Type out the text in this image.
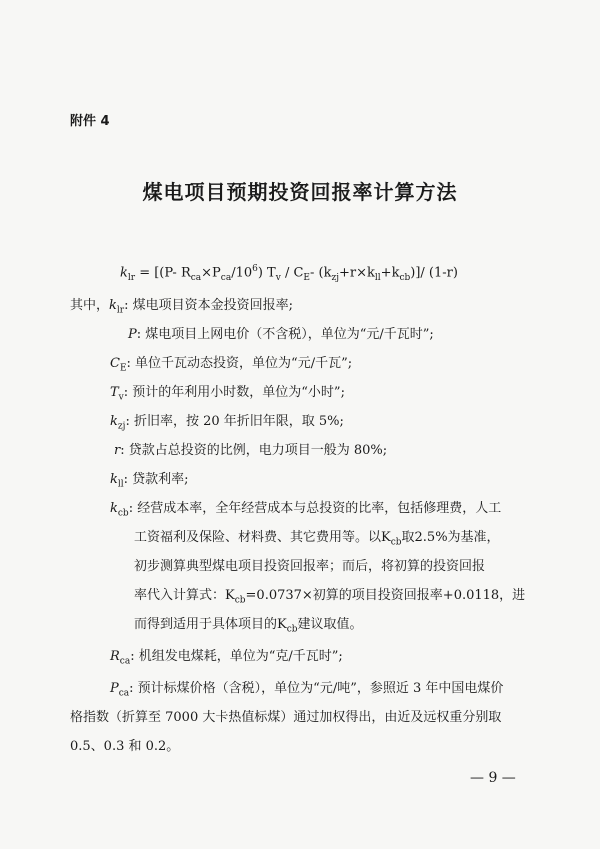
附件 4
煤电项目预期投资回报率计算方法
$k_{lr} = [(P-$ $R_{ca}\times P_{ca}/10^6$) $T_v / C_E-$ $(k_{zj}+r\times k_{ll}+k_{cb})]/$ (1-r)
其中，$k_{lr}$: 煤电项目资本金投资回报率;
P: 煤电项目上网电价（不含税），单位为“元/千瓦时”;
$C_E$: 单位千瓦动态投资，单位为“元/千瓦”;
$T_v$: 预计的年利用小时数，单位为“小时”;
$k_{zj}$: 折旧率，按 20 年折旧年限，取 5%;
r: 贷款占总投资的比例，电力项目一般为 80%;
$k_{ll}$: 贷款利率;
$k_{cb}$: 经营成本率，全年经营成本与总投资的比率，包括修理费，人工
工资福利及保险、材料费、其它费用等。以$K_{cb}$取2.5%为基准，
初步测算典型煤电项目投资回报率；而后，将初算的投资回报
率代入计算式：$K_{cb}=0.0737\times$初算的项目投资回报率+0.0118，进
而得到适用于具体项目的$K_{cb}$建议取值。
$R_{ca}$: 机组发电煤耗，单位为“克/千瓦时”;
$P_{ca}$: 预计标煤价格（含税），单位为“元/吨”，参照近 3 年中国电煤价
格指数（折算至 7000 大卡热值标煤）通过加权得出，由近及远权重分别取
0.5、0.3 和 0.2。
— 9 —
